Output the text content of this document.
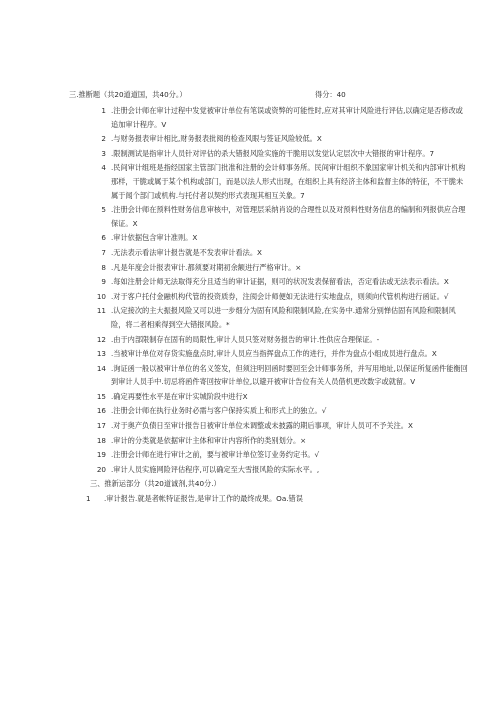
三.推断题（共20道道国，共40分。）	得分：40
1 .注册会计师在审计过程中发觉被审计单位有笔误或资弊的可能性时,应对其审计风险进行评估,以确定是否修改或追加审计程序。V
2 .与财务报表审计相比,财务报表批阅的检查风眼与签证风险较低。X
3 .限制测试是指审计人员针对评估的杀大错报风险实施的干脆用以发觉认定层次中大错报的审计程序。7
4 .民间审计组班是指经国家主管部门批准和注册的会计师事务所。民间审计组织不象国家审计机关和内部审计机构那样，干脆或属于某个机构或部门，而是以法人形式出现，在组织上具有经济主体和监督主体的特征，不干脆未属于闻个部门或机构.与托付者以契约形式表现其相互关象。7
5 .注册会计师在预料性财务信息审核中，对管理层采纳肖设的合理性以及对预料性财务信息的编制和列报供应合理保证。X
6 .审计依据包含审计准则。X
7 .无法表示看法审计报告就是不发表审计看法。X
8 .凡是年度会计报表审计.都须要对期初余额进行严格审计。×
9 .每如注册会计师无法取得充分且适当的审计证据，则可的状况发表保留看法，否定看法或无法表示看法。X
10 .对于客户托付金融机构代管的投资质券，注阂会计师便如无法进行实地盘点，则须向代管机构进行函证。√
11 .认定接次的主大振报风险又可以进一步细分为固有风险和限制风险,在实务中.通常分别惮估固有风险和限制风险，将二者相乘得到空大错报风险。*
12 .由于内部限制存在固有的局限性,审计人员只签对财务报告的审计.性供应合理保证。-
13 .当被审计单位对存货实施盘点时,审计人员应当指挥盘点工作的进行，并作为盘点小组成员进行盘点。X
14 .询证函一般以被审计单位的名义签发，但须注明回函时要回至会计师事务所，并写用地址,以保证所复函件能衡回到审计人员手中.切忌将函件寄回按审计单位,以避开被审计告位有关人员借机更改数字或就留。V
15 .确定再要性水平是在审计实城阶段中进行X
16 .注册会计师在执行业务时必需与客户保持实质上和形式上的独立。√
17 .对于奥产负债日至审计报告日被审计单位未调整或未披露的期后事项，审计人员可不予关注。X
18 .审计的分类就是依据审计主体和审计内容所作的类别划分。×
19 .注册会计师在进行审计之前，要与被审计单位签订业务约定书。√
20 .审计人员实施网险评估程序,可以确定至大雪报风险的实际水平。,
三、推新运部分（共20道诚剂,共40分.）
1 .审计报告.就是者帐特证报告,是审计工作的最终成果。Oa.错误
